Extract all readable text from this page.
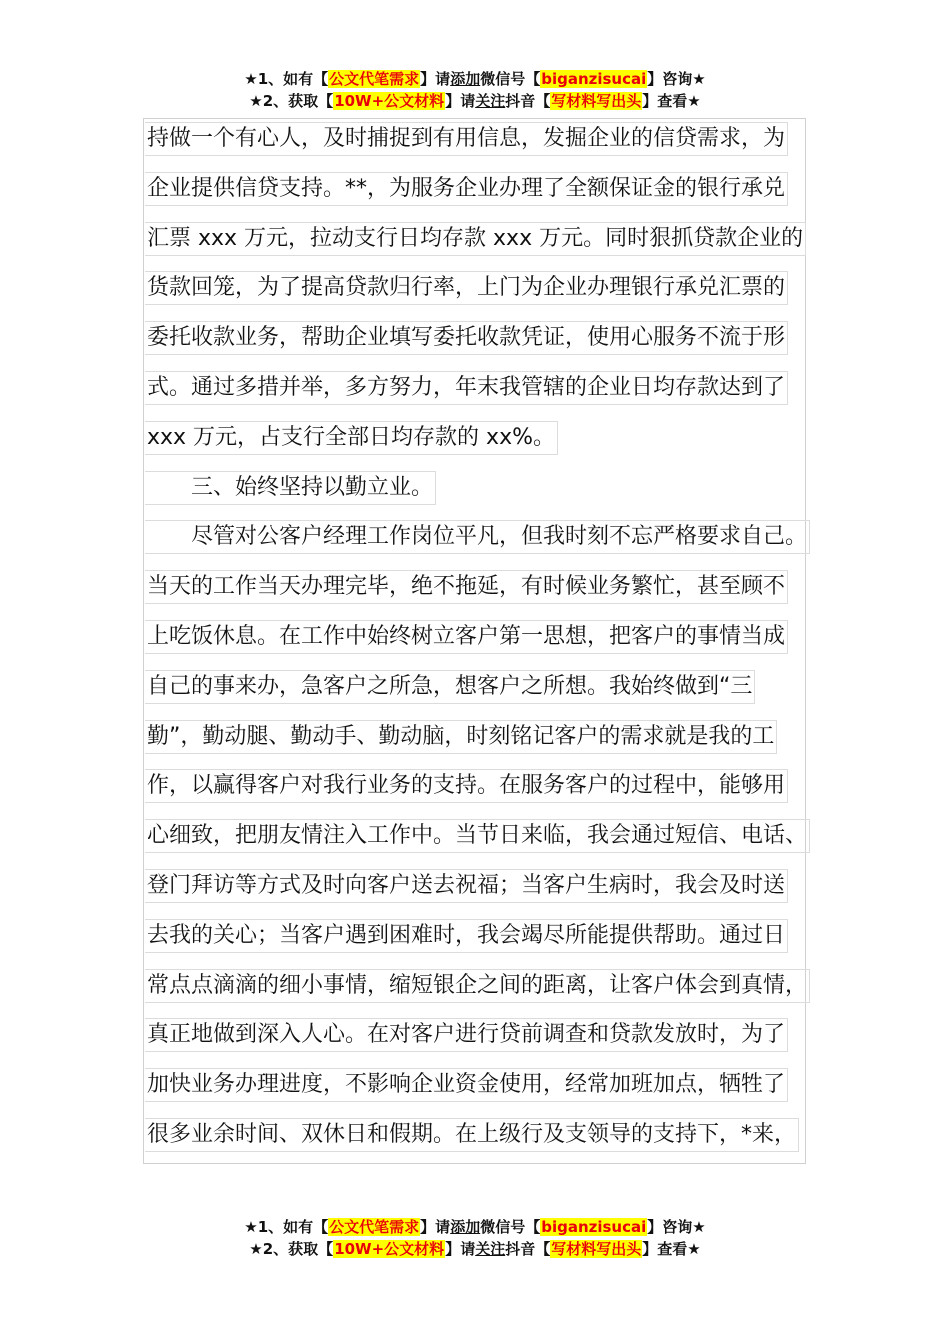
★1、如有【公文代笔需求】请添加微信号【biganzisucai】咨询★
★2、获取【10W+公文材料】请关注抖音【写材料写出头】查看★
持做一个有心人，及时捕捉到有用信息，发掘企业的信贷需求，为
企业提供信贷支持。**，为服务企业办理了全额保证金的银行承兑
汇票 xxx 万元，拉动支行日均存款 xxx 万元。同时狠抓贷款企业的
货款回笼，为了提高贷款归行率，上门为企业办理银行承兑汇票的
委托收款业务，帮助企业填写委托收款凭证，使用心服务不流于形
式。通过多措并举，多方努力，年末我管辖的企业日均存款达到了
xxx 万元，占支行全部日均存款的 xx%。
三、始终坚持以勤立业。
尽管对公客户经理工作岗位平凡，但我时刻不忘严格要求自己。
当天的工作当天办理完毕，绝不拖延，有时候业务繁忙，甚至顾不
上吃饭休息。在工作中始终树立客户第一思想，把客户的事情当成
自己的事来办，急客户之所急，想客户之所想。我始终做到“三
勤”，勤动腿、勤动手、勤动脑，时刻铭记客户的需求就是我的工
作，以赢得客户对我行业务的支持。在服务客户的过程中，能够用
心细致，把朋友情注入工作中。当节日来临，我会通过短信、电话、
登门拜访等方式及时向客户送去祝福；当客户生病时，我会及时送
去我的关心；当客户遇到困难时，我会竭尽所能提供帮助。通过日
常点点滴滴的细小事情，缩短银企之间的距离，让客户体会到真情，
真正地做到深入人心。在对客户进行贷前调查和贷款发放时，为了
加快业务办理进度，不影响企业资金使用，经常加班加点，牺牲了
很多业余时间、双休日和假期。在上级行及支领导的支持下，*来，
★1、如有【公文代笔需求】请添加微信号【biganzisucai】咨询★
★2、获取【10W+公文材料】请关注抖音【写材料写出头】查看★
